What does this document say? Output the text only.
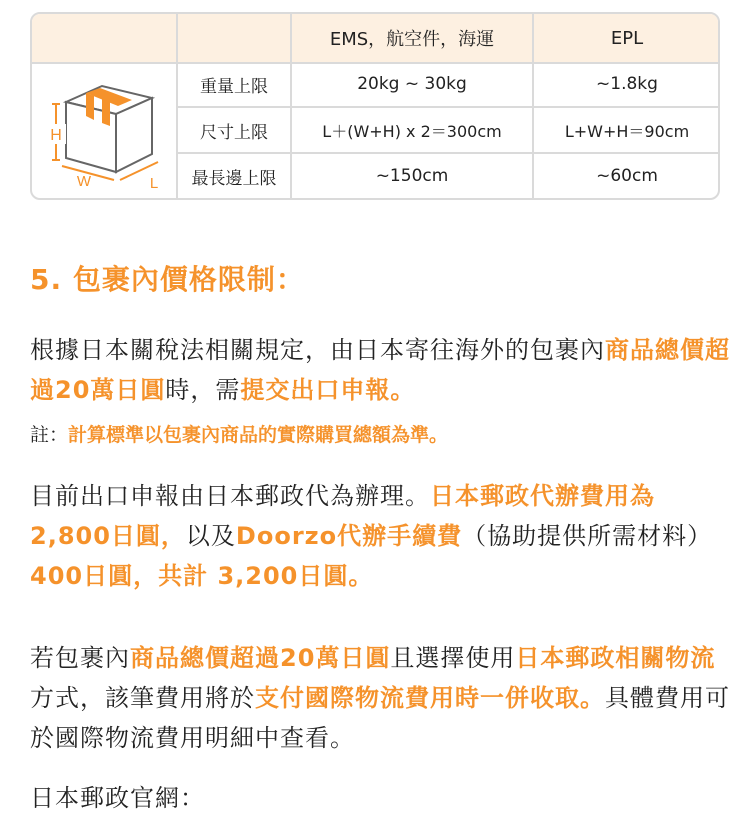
EMS，航空件，海運	EPL
重量上限	20kg ~ 30kg	~1.8kg
尺寸上限	L＋(W+H) x 2＝300cm	L+W+H＝90cm
最長邊上限	~150cm	~60cm
H
W	L
5. 包裹內價格限制：

根據日本關稅法相關規定，由日本寄往海外的包裹內商品總價超過20萬日圓時，需提交出口申報。

註：計算標準以包裹內商品的實際購買總額為準。

目前出口申報由日本郵政代為辦理。日本郵政代辦費用為2,800日圓，以及Doorzo代辦手續費（協助提供所需材料）400日圓，共計 3,200日圓。

若包裹內商品總價超過20萬日圓且選擇使用日本郵政相關物流方式，該筆費用將於支付國際物流費用時一併收取。具體費用可於國際物流費用明細中查看。

日本郵政官網：
